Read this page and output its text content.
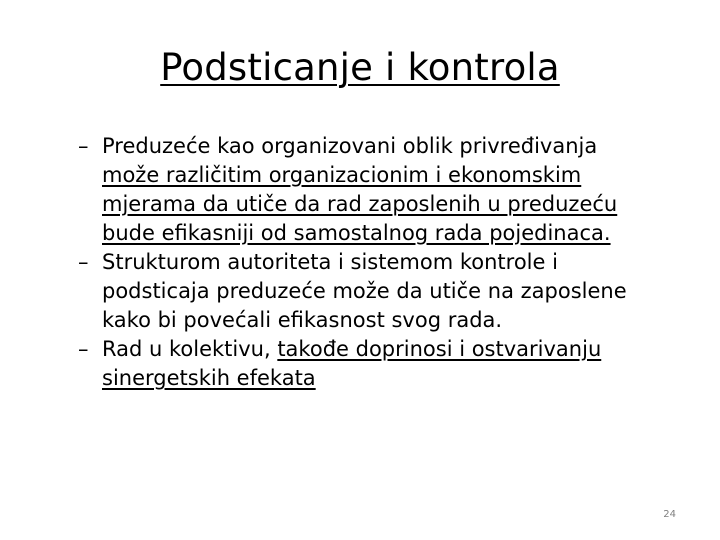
Podsticanje i kontrola
– Preduzeće kao organizovani oblik privređivanja
može različitim organizacionim i ekonomskim
mjerama da utiče da rad zaposlenih u preduzeću
bude efikasniji od samostalnog rada pojedinaca.
– Strukturom autoriteta i sistemom kontrole i
podsticaja preduzeće može da utiče na zaposlene
kako bi povećali efikasnost svog rada.
– Rad u kolektivu, takođe doprinosi i ostvarivanju
sinergetskih efekata
24
